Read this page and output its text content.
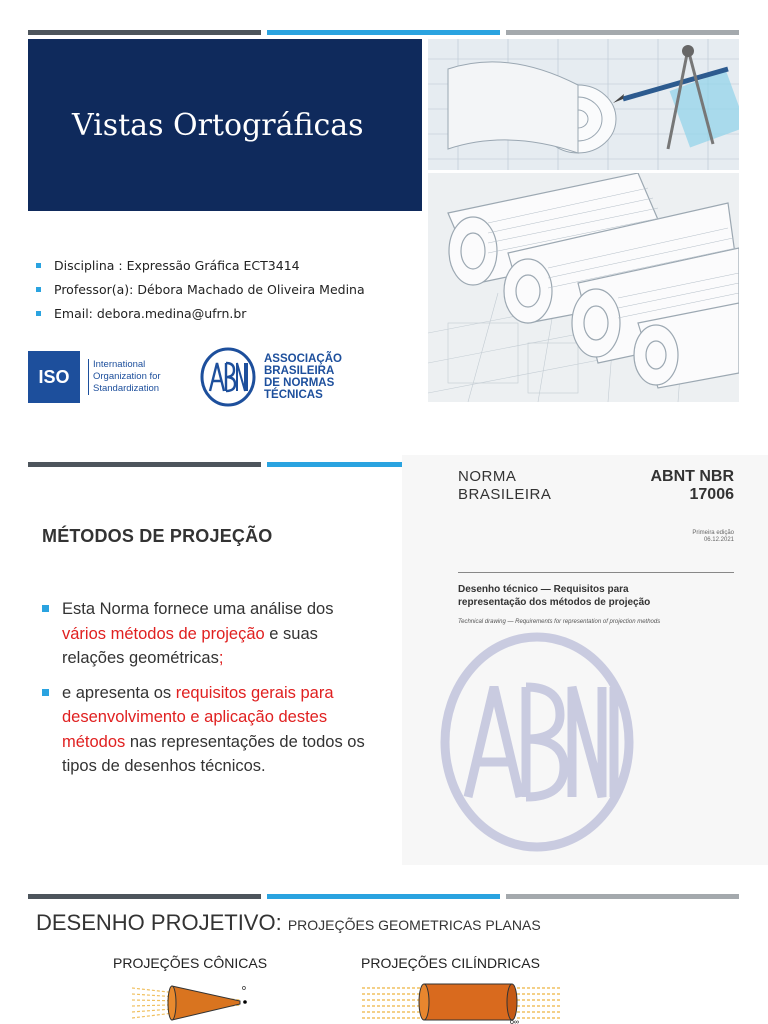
Vistas Ortográficas
Disciplina : Expressão Gráfica ECT3414
Professor(a): Débora Machado de Oliveira Medina
Email: debora.medina@ufrn.br
ISO
International
Organization for
Standardization
ASSOCIAÇÃO
BRASILEIRA
DE NORMAS
TÉCNICAS
MÉTODOS DE PROJEÇÃO
Esta Norma fornece uma análise dos vários métodos de projeção e suas relações geométricas;
e apresenta os requisitos gerais para desenvolvimento e aplicação destes métodos nas representações de todos os tipos de desenhos técnicos.
NORMA
BRASILEIRA
ABNT NBR
17006
Primeira edição
06.12.2021
Desenho técnico — Requisitos para
representação dos métodos de projeção
Technical drawing — Requirements for representation of projection methods
DESENHO PROJETIVO: PROJEÇÕES GEOMETRICAS PLANAS
PROJEÇÕES CÔNICAS	PROJEÇÕES CILÍNDRICAS
o
o∞
